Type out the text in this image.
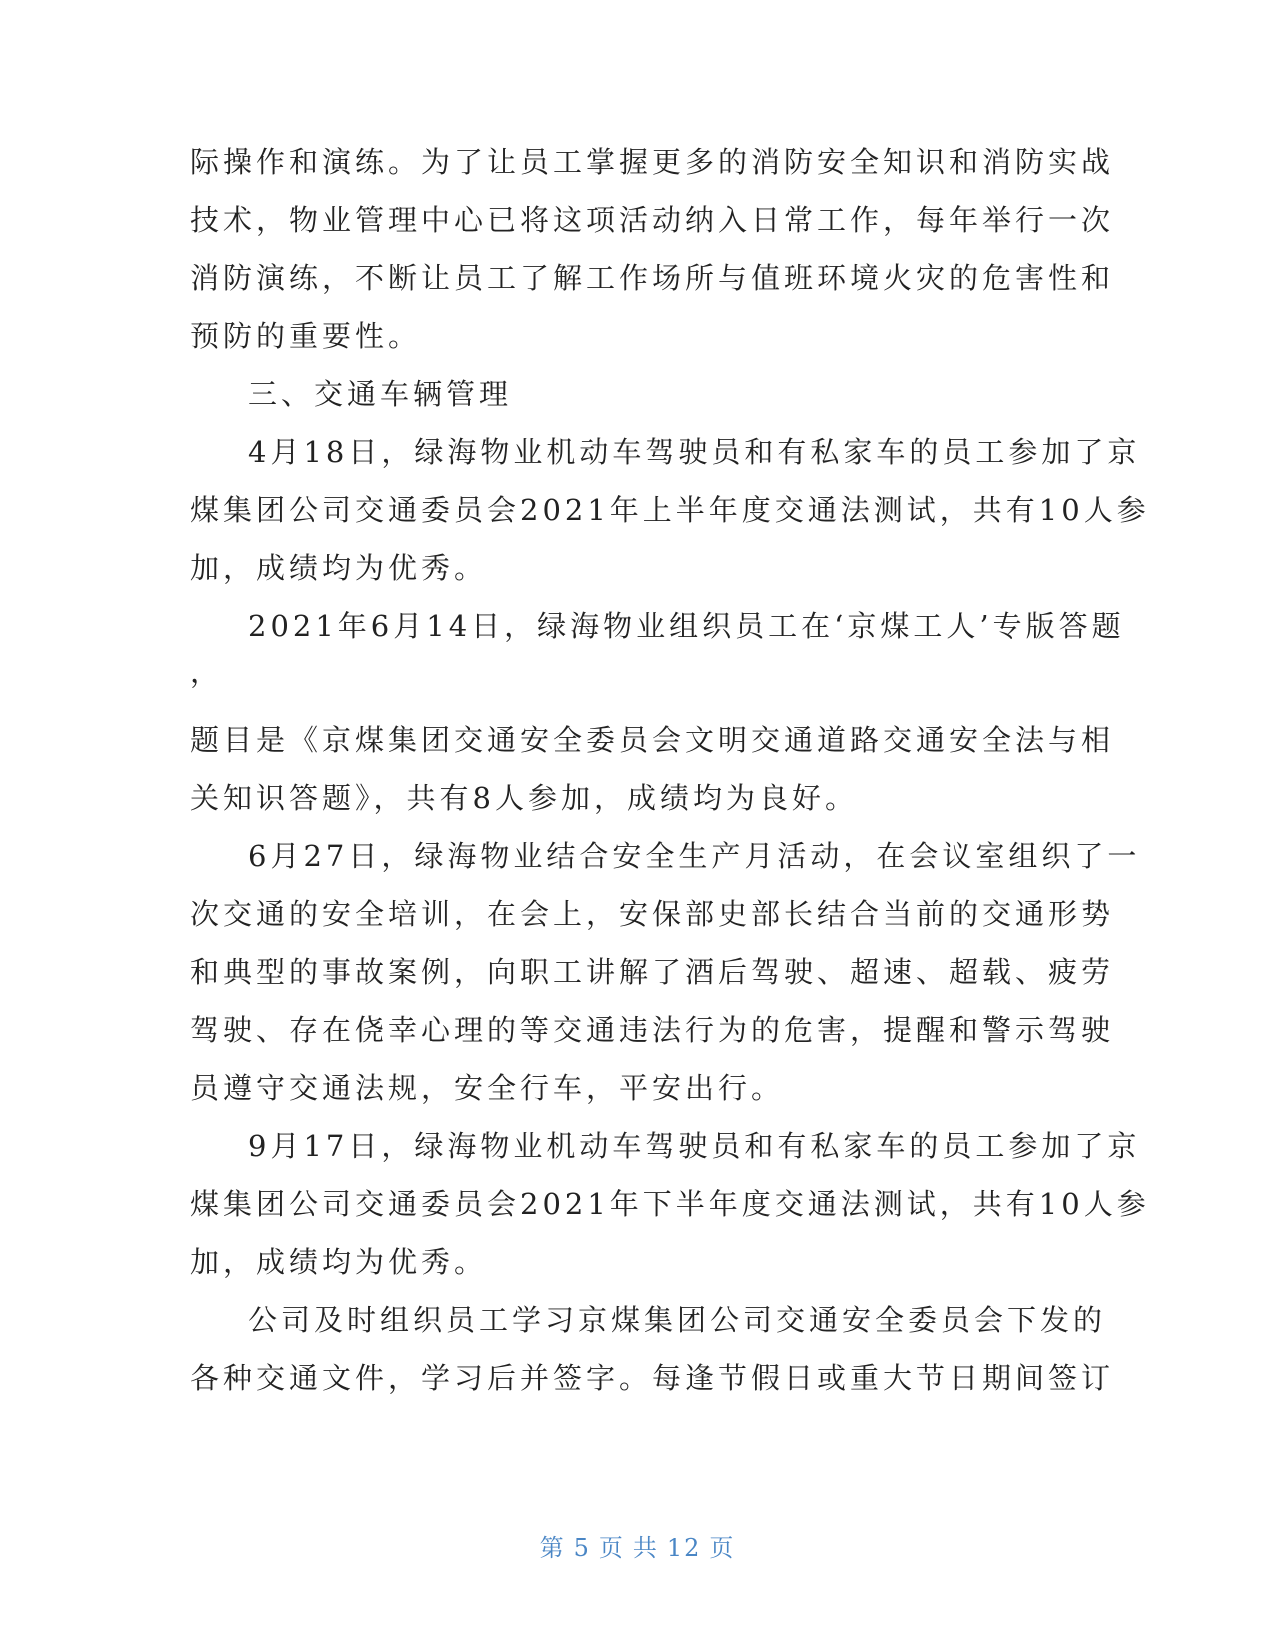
际操作和演练。为了让员工掌握更多的消防安全知识和消防实战
技术，物业管理中心已将这项活动纳入日常工作，每年举行一次
消防演练，不断让员工了解工作场所与值班环境火灾的危害性和
预防的重要性。
三、交通车辆管理
4月18日，绿海物业机动车驾驶员和有私家车的员工参加了京
煤集团公司交通委员会2021年上半年度交通法测试，共有10人参
加，成绩均为优秀。
2021年6月14日，绿海物业组织员工在‘京煤工人’专版答题
，
题目是《京煤集团交通安全委员会文明交通道路交通安全法与相
关知识答题》，共有8人参加，成绩均为良好。
6月27日，绿海物业结合安全生产月活动，在会议室组织了一
次交通的安全培训，在会上，安保部史部长结合当前的交通形势
和典型的事故案例，向职工讲解了酒后驾驶、超速、超载、疲劳
驾驶、存在侥幸心理的等交通违法行为的危害，提醒和警示驾驶
员遵守交通法规，安全行车，平安出行。
9月17日，绿海物业机动车驾驶员和有私家车的员工参加了京
煤集团公司交通委员会2021年下半年度交通法测试，共有10人参
加，成绩均为优秀。
公司及时组织员工学习京煤集团公司交通安全委员会下发的
各种交通文件，学习后并签字。每逢节假日或重大节日期间签订
第 5 页 共 12 页
